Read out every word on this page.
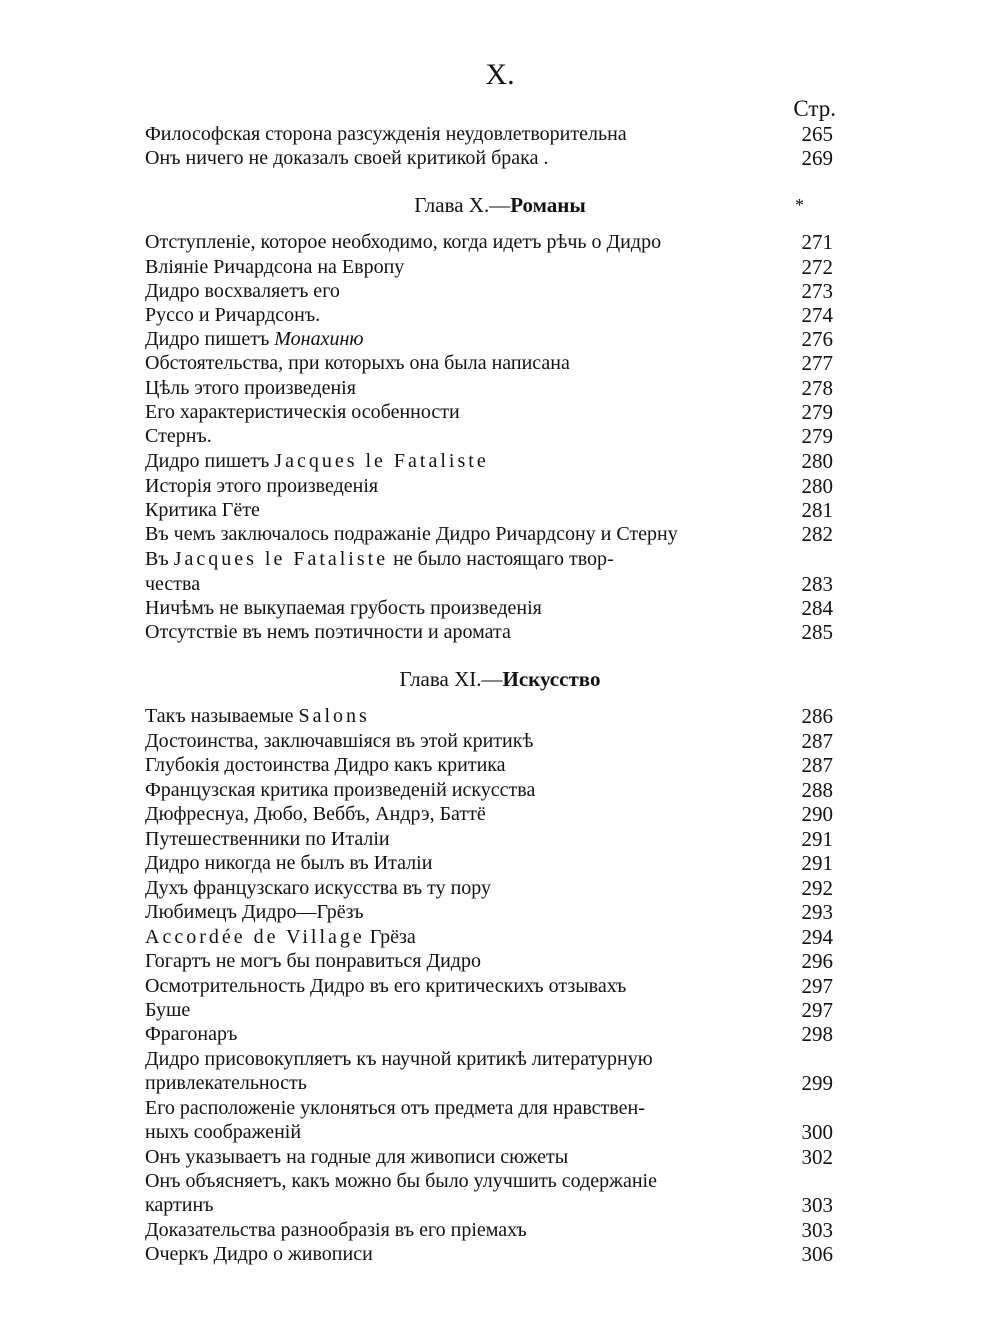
X.
Стр.
Философская сторона разсужденія неудовлетворительна	265
Онъ ничего не доказалъ своей критикой брака .	269
Глава X.—Романы	*
Отступленіе, которое необходимо, когда идетъ рѣчь о Дидро	271
Вліяніе Ричардсона на Европу	272
Дидро восхваляетъ его	273
Руссо и Ричардсонъ.	274
Дидро пишетъ Монахиню	276
Обстоятельства, при которыхъ она была написана	277
Цѣль этого произведенія	278
Его характеристическія особенности	279
Стернъ.	279
Дидро пишетъ Jacques le Fataliste	280
Исторія этого произведенія	280
Критика Гёте	281
Въ чемъ заключалось подражаніе Дидро Ричардсону и Стерну	282
Въ Jacques le Fataliste не было настоящаго твор-
чества	283
Ничѣмъ не выкупаемая грубость произведенія	284
Отсутствіе въ немъ поэтичности и аромата	285
Глава XI.—Искусство
Такъ называемые Salons	286
Достоинства, заключавшіяся въ этой критикѣ	287
Глубокія достоинства Дидро какъ критика	287
Французская критика произведеній искусства	288
Дюфреснуа, Дюбо, Веббъ, Андрэ, Баттё	290
Путешественники по Италіи	291
Дидро никогда не былъ въ Италіи	291
Духъ французскаго искусства въ ту пору	292
Любимецъ Дидро—Грёзъ	293
Accordée de Village Грёза	294
Гогартъ не могъ бы понравиться Дидро	296
Осмотрительность Дидро въ его критическихъ отзывахъ	297
Буше	297
Фрагонаръ	298
Дидро присовокупляетъ къ научной критикѣ литературную
привлекательность	299
Его расположеніе уклоняться отъ предмета для нравствен-
ныхъ соображеній	300
Онъ указываетъ на годные для живописи сюжеты	302
Онъ объясняетъ, какъ можно бы было улучшить содержаніе
картинъ	303
Доказательства разнообразія въ его пріемахъ	303
Очеркъ Дидро о живописи	306
